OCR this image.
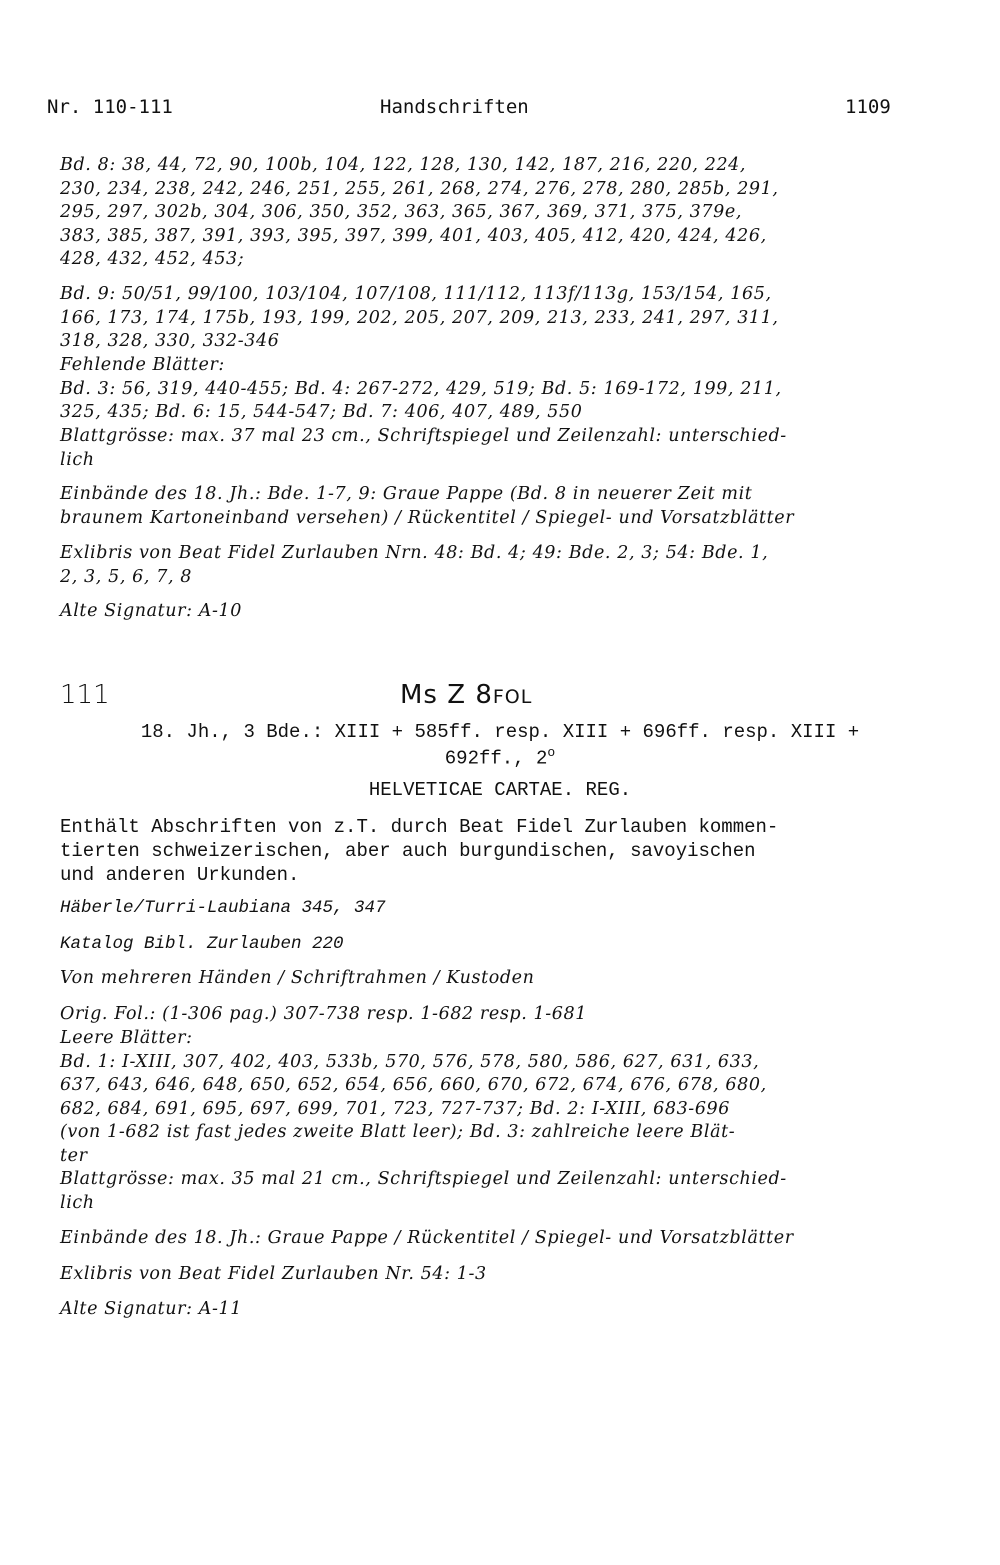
Nr. 110-111	Handschriften	1109
Bd. 8: 38, 44, 72, 90, 100b, 104, 122, 128, 130, 142, 187, 216, 220, 224,
230, 234, 238, 242, 246, 251, 255, 261, 268, 274, 276, 278, 280, 285b, 291,
295, 297, 302b, 304, 306, 350, 352, 363, 365, 367, 369, 371, 375, 379e,
383, 385, 387, 391, 393, 395, 397, 399, 401, 403, 405, 412, 420, 424, 426,
428, 432, 452, 453;
Bd. 9: 50/51, 99/100, 103/104, 107/108, 111/112, 113f/113g, 153/154, 165,
166, 173, 174, 175b, 193, 199, 202, 205, 207, 209, 213, 233, 241, 297, 311,
318, 328, 330, 332-346
Fehlende Blätter:
Bd. 3: 56, 319, 440-455; Bd. 4: 267-272, 429, 519; Bd. 5: 169-172, 199, 211,
325, 435; Bd. 6: 15, 544-547; Bd. 7: 406, 407, 489, 550
Blattgrösse: max. 37 mal 23 cm., Schriftspiegel und Zeilenzahl: unterschied-
lich
Einbände des 18. Jh.: Bde. 1-7, 9: Graue Pappe (Bd. 8 in neuerer Zeit mit
braunem Kartoneinband versehen) / Rückentitel / Spiegel- und Vorsatzblätter
Exlibris von Beat Fidel Zurlauben Nrn. 48: Bd. 4; 49: Bde. 2, 3; 54: Bde. 1,
2, 3, 5, 6, 7, 8
Alte Signatur: A-10
111	Ms Z 8FOL
18. Jh., 3 Bde.: XIII + 585ff. resp. XIII + 696ff. resp. XIII +
692ff., 2$^o$
HELVETICAE CARTAE. REG.
Enthält Abschriften von z.T. durch Beat Fidel Zurlauben kommen-
tierten schweizerischen, aber auch burgundischen, savoyischen
und anderen Urkunden.
Häberle/Turri-Laubiana 345, 347
Katalog Bibl. Zurlauben 220
Von mehreren Händen / Schriftrahmen / Kustoden
Orig. Fol.: (1-306 pag.) 307-738 resp. 1-682 resp. 1-681
Leere Blätter:
Bd. 1: I-XIII, 307, 402, 403, 533b, 570, 576, 578, 580, 586, 627, 631, 633,
637, 643, 646, 648, 650, 652, 654, 656, 660, 670, 672, 674, 676, 678, 680,
682, 684, 691, 695, 697, 699, 701, 723, 727-737; Bd. 2: I-XIII, 683-696
(von 1-682 ist fast jedes zweite Blatt leer); Bd. 3: zahlreiche leere Blät-
ter
Blattgrösse: max. 35 mal 21 cm., Schriftspiegel und Zeilenzahl: unterschied-
lich
Einbände des 18. Jh.: Graue Pappe / Rückentitel / Spiegel- und Vorsatzblätter
Exlibris von Beat Fidel Zurlauben Nr. 54: 1-3
Alte Signatur: A-11
